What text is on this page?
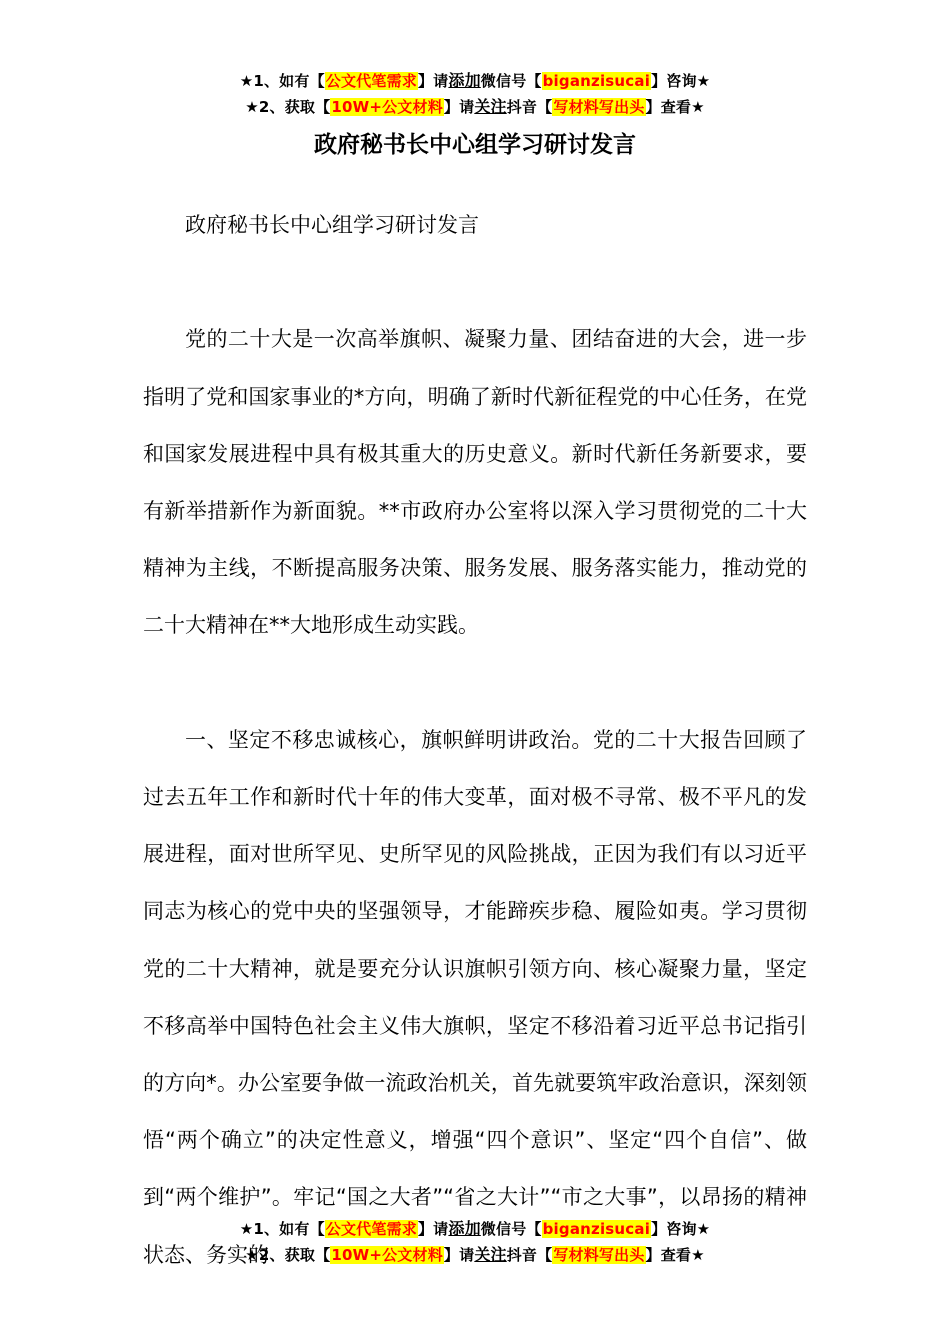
★1、如有【公文代笔需求】请添加微信号【biganzisucai】咨询★
★2、获取【10W+公文材料】请关注抖音【写材料写出头】查看★
政府秘书长中心组学习研讨发言

政府秘书长中心组学习研讨发言

党的二十大是一次高举旗帜、凝聚力量、团结奋进的大会，进一步指明了党和国家事业的*方向，明确了新时代新征程党的中心任务，在党和国家发展进程中具有极其重大的历史意义。新时代新任务新要求，要有新举措新作为新面貌。**市政府办公室将以深入学习贯彻党的二十大精神为主线，不断提高服务决策、服务发展、服务落实能力，推动党的二十大精神在**大地形成生动实践。

一、坚定不移忠诚核心，旗帜鲜明讲政治。党的二十大报告回顾了过去五年工作和新时代十年的伟大变革，面对极不寻常、极不平凡的发展进程，面对世所罕见、史所罕见的风险挑战，正因为我们有以习近平同志为核心的党中央的坚强领导，才能蹄疾步稳、履险如夷。学习贯彻党的二十大精神，就是要充分认识旗帜引领方向、核心凝聚力量，坚定不移高举中国特色社会主义伟大旗帜，坚定不移沿着习近平总书记指引的方向*。办公室要争做一流政治机关，首先就要筑牢政治意识，深刻领悟“两个确立”的决定性意义，增强“四个意识”、坚定“四个自信”、做到“两个维护”。牢记“国之大者”“省之大计”“市之大事”，以昂扬的精神状态、务实的

★1、如有【公文代笔需求】请添加微信号【biganzisucai】咨询★
★2、获取【10W+公文材料】请关注抖音【写材料写出头】查看★
